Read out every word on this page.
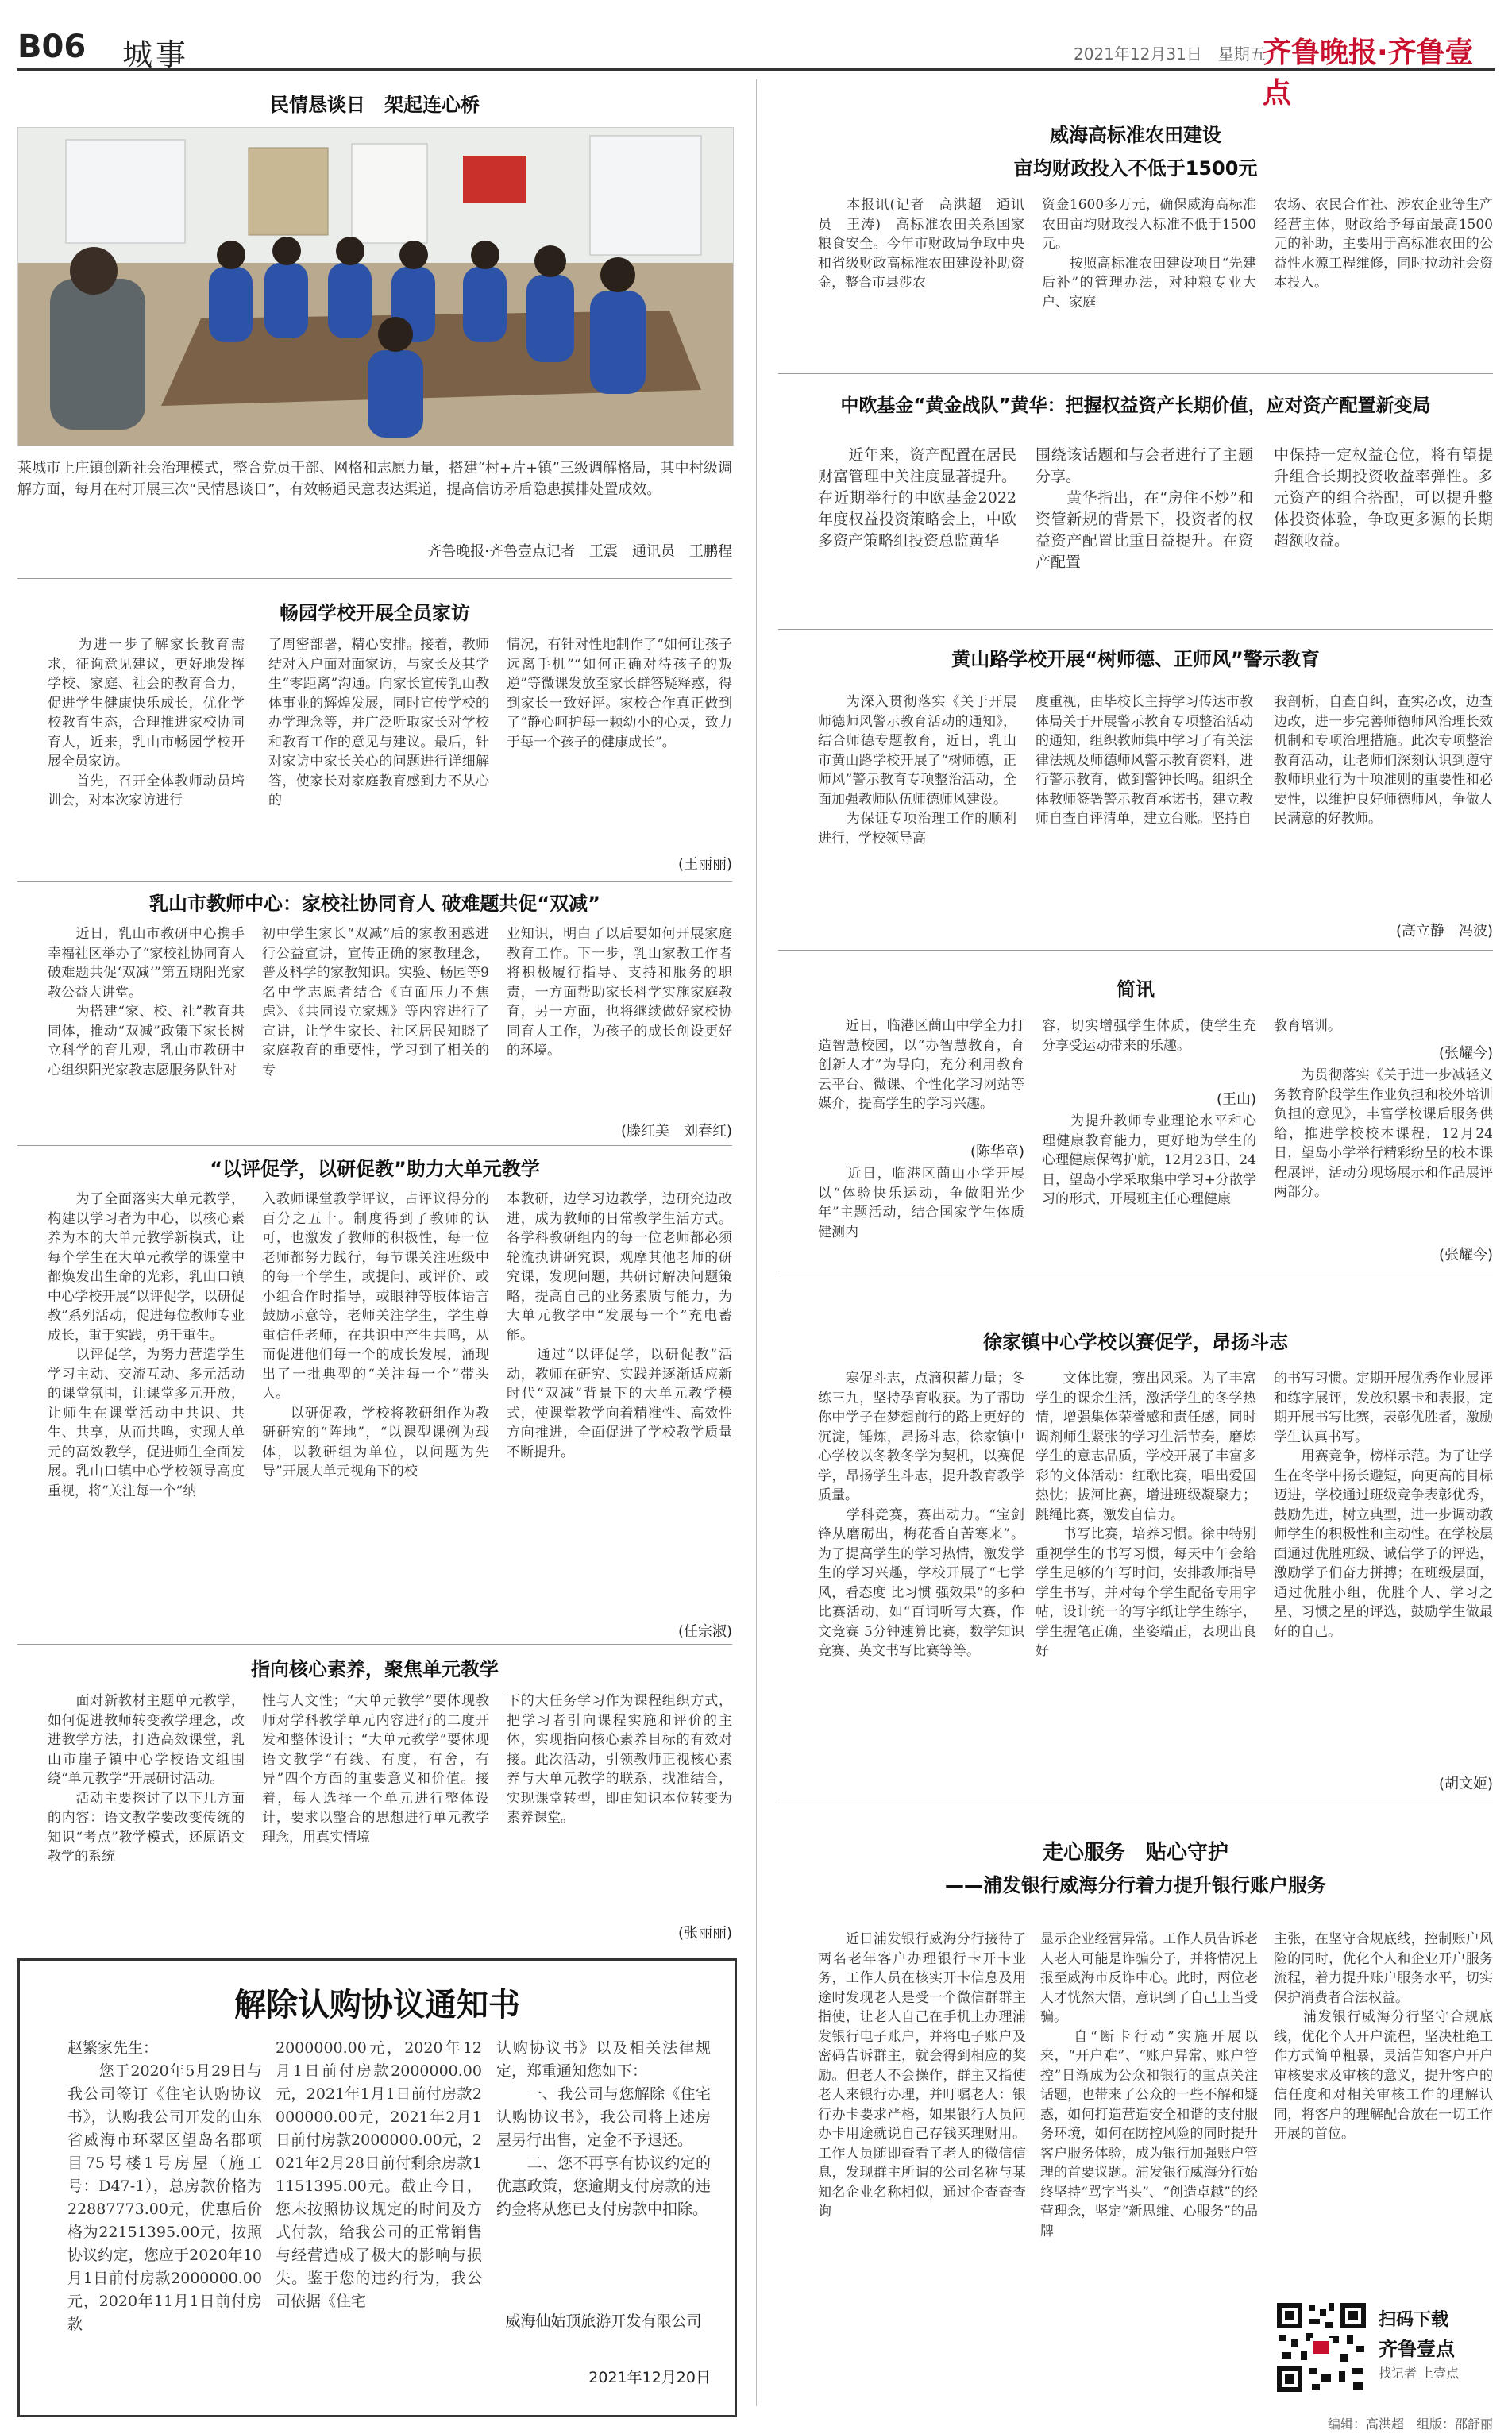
B06 城事	2021年12月31日　星期五
齐鲁晚报·齐鲁壹点
民情恳谈日　架起连心桥
莱城市上庄镇创新社会治理模式，整合党员干部、网格和志愿力量，搭建“村+片+镇”三级调解格局，其中村级调解方面，每月在村开展三次“民情恳谈日”，有效畅通民意表达渠道，提高信访矛盾隐患摸排处置成效。
齐鲁晚报·齐鲁壹点记者　王震　通讯员　王鹏程
畅园学校开展全员家访
　　为进一步了解家长教育需求，征询意见建议，更好地发挥学校、家庭、社会的教育合力，促进学生健康快乐成长，优化学校教育生态，合理推进家校协同育人，近来，乳山市畅园学校开展全员家访。
　　首先，召开全体教师动员培训会，对本次家访进行
了周密部署，精心安排。接着，教师结对入户面对面家访，与家长及其学生“零距离”沟通。向家长宣传乳山教体事业的辉煌发展，同时宣传学校的办学理念等，并广泛听取家长对学校和教育工作的意见与建议。最后，针对家访中家长关心的问题进行详细解答，使家长对家庭教育感到力不从心的
情况，有针对性地制作了“如何让孩子远离手机”“如何正确对待孩子的叛逆”等微课发放至家长群答疑释惑，得到家长一致好评。家校合作真正做到了“静心呵护每一颗幼小的心灵，致力于每一个孩子的健康成长”。
(王丽丽)
乳山市教师中心：家校社协同育人 破难题共促“双减”
　　近日，乳山市教研中心携手幸福社区举办了“家校社协同育人 破难题共促‘双减’”第五期阳光家教公益大讲堂。
　　为搭建“家、校、社”教育共同体，推动“双减”政策下家长树立科学的育儿观，乳山市教研中心组织阳光家教志愿服务队针对
初中学生家长“双减”后的家教困惑进行公益宣讲，宣传正确的家教理念，普及科学的家教知识。实验、畅园等9名中学志愿者结合《直面压力不焦虑》、《共同设立家规》等内容进行了宣讲，让学生家长、社区居民知晓了家庭教育的重要性，学习到了相关的专
业知识，明白了以后要如何开展家庭教育工作。下一步，乳山家教工作者将积极履行指导、支持和服务的职责，一方面帮助家长科学实施家庭教育，另一方面，也将继续做好家校协同育人工作，为孩子的成长创设更好的环境。
(滕红美　刘春红)
“以评促学，以研促教”助力大单元教学
　　为了全面落实大单元教学，构建以学习者为中心，以核心素养为本的大单元教学新模式，让每个学生在大单元教学的课堂中都焕发出生命的光彩，乳山口镇中心学校开展“以评促学，以研促教”系列活动，促进每位教师专业成长，重于实践，勇于重生。
　　以评促学，为努力营造学生学习主动、交流互动、多元活动的课堂氛围，让课堂多元开放，让师生在课堂活动中共识、共生、共享，从而共鸣，实现大单元的高效教学，促进师生全面发展。乳山口镇中心学校领导高度重视，将“关注每一个”纳
入教师课堂教学评议，占评议得分的百分之五十。制度得到了教师的认可，也激发了教师的积极性，每一位老师都努力践行，每节课关注班级中的每一个学生，或提问、或评价、或小组合作时指导，或眼神等肢体语言鼓励示意等，老师关注学生，学生尊重信任老师，在共识中产生共鸣，从而促进他们每一个的成长发展，涌现出了一批典型的“关注每一个”带头人。
　　以研促教，学校将教研组作为教研研究的“阵地”，“以课型课例为载体，以教研组为单位，以问题为先导”开展大单元视角下的校
本教研，边学习边教学，边研究边改进，成为教师的日常教学生活方式。各学科教研组内的每一位老师都必须轮流执讲研究课，观摩其他老师的研究课，发现问题，共研讨解决问题策略，提高自己的业务素质与能力，为大单元教学中“发展每一个”充电蓄能。
　　通过“以评促学，以研促教”活动，教师在研究、实践并逐渐适应新时代“双减”背景下的大单元教学模式，使课堂教学向着精准性、高效性方向推进，全面促进了学校教学质量不断提升。
(任宗淑)
指向核心素养，聚焦单元教学
　　面对新教材主题单元教学，如何促进教师转变教学理念，改进教学方法，打造高效课堂，乳山市崖子镇中心学校语文组围绕“单元教学”开展研讨活动。
　　活动主要探讨了以下几方面的内容：语文教学要改变传统的知识“考点”教学模式，还原语文教学的系统
性与人文性；“大单元教学”要体现教师对学科教学单元内容进行的二度开发和整体设计；“大单元教学”要体现语文教学“有线、有度，有舍，有异”四个方面的重要意义和价值。接着，每人选择一个单元进行整体设计，要求以整合的思想进行单元教学理念，用真实情境
下的大任务学习作为课程组织方式，把学习者引向课程实施和评价的主体，实现指向核心素养目标的有效对接。此次活动，引领教师正视核心素养与大单元教学的联系，找准结合，实现课堂转型，即由知识本位转变为素养课堂。
(张丽丽)
解除认购协议通知书
赵繁家先生：
　　您于2020年5月29日与我公司签订《住宅认购协议书》，认购我公司开发的山东省威海市环翠区望岛名郡项目75号楼1号房屋（施工号：D47-1），总房款价格为22887773.00元，优惠后价格为22151395.00元，按照协议约定，您应于2020年10月1日前付房款2000000.00元，2020年11月1日前付房款
2000000.00元，2020年12月1日前付房款2000000.00元，2021年1月1日前付房款2000000.00元，2021年2月1日前付房款2000000.00元，2021年2月28日前付剩余房款11151395.00元。截止今日，您未按照协议规定的时间及方式付款，给我公司的正常销售与经营造成了极大的影响与损失。鉴于您的违约行为，我公司依据《住宅
认购协议书》以及相关法律规定，郑重通知您如下：
　　一、我公司与您解除《住宅认购协议书》，我公司将上述房屋另行出售，定金不予退还。
　　二、您不再享有协议约定的优惠政策，您逾期支付房款的违约金将从您已支付房款中扣除。
威海仙姑顶旅游开发有限公司
2021年12月20日
威海高标准农田建设
亩均财政投入不低于1500元
　　本报讯(记者　高洪超　通讯员　王涛)　高标准农田关系国家粮食安全。今年市财政局争取中央和省级财政高标准农田建设补助资金，整合市县涉农
资金1600多万元，确保威海高标准农田亩均财政投入标准不低于1500元。
　　按照高标准农田建设项目“先建后补”的管理办法，对种粮专业大户、家庭
农场、农民合作社、涉农企业等生产经营主体，财政给予每亩最高1500元的补助，主要用于高标准农田的公益性水源工程维修，同时拉动社会资本投入。
中欧基金“黄金战队”黄华：把握权益资产长期价值，应对资产配置新变局
　　近年来，资产配置在居民财富管理中关注度显著提升。在近期举行的中欧基金2022年度权益投资策略会上，中欧多资产策略组投资总监黄华
围绕该话题和与会者进行了主题分享。
　　黄华指出，在“房住不炒”和资管新规的背景下，投资者的权益资产配置比重日益提升。在资产配置
中保持一定权益仓位，将有望提升组合长期投资收益率弹性。多元资产的组合搭配，可以提升整体投资体验，争取更多源的长期超额收益。
黄山路学校开展“树师德、正师风”警示教育
　　为深入贯彻落实《关于开展师德师风警示教育活动的通知》，结合师德专题教育，近日，乳山市黄山路学校开展了“树师德，正师风”警示教育专项整治活动，全面加强教师队伍师德师风建设。
　　为保证专项治理工作的顺利进行，学校领导高
度重视，由毕校长主持学习传达市教体局关于开展警示教育专项整治活动的通知，组织教师集中学习了有关法律法规及师德师风警示教育资料，进行警示教育，做到警钟长鸣。组织全体教师签署警示教育承诺书，建立教师自查自评清单，建立台账。坚持自
我剖析，自查自纠，查实必改，边查边改，进一步完善师德师风治理长效机制和专项治理措施。此次专项整治教育活动，让老师们深刻认识到遵守教师职业行为十项准则的重要性和必要性，以维护良好师德师风，争做人民满意的好教师。
(高立静　冯波)
简讯
　　近日，临港区蔄山中学全力打造智慧校园，以“办智慧教育，育创新人才”为导向，充分利用教育云平台、微课、个性化学习网站等媒介，提高学生的学习兴趣。
(陈华章)
　　近日，临港区蔄山小学开展以“体验快乐运动，争做阳光少年”主题活动，结合国家学生体质健测内
容，切实增强学生体质，使学生充分享受运动带来的乐趣。
(王山)
　　为提升教师专业理论水平和心理健康教育能力，更好地为学生的心理健康保驾护航，12月23日、24日，望岛小学采取集中学习+分散学习的形式，开展班主任心理健康
教育培训。
(张耀今)
　　为贯彻落实《关于进一步减轻义务教育阶段学生作业负担和校外培训负担的意见》，丰富学校课后服务供给，推进学校校本课程，12月24日，望岛小学举行精彩纷呈的校本课程展评，活动分现场展示和作品展评两部分。
(张耀今)
徐家镇中心学校以赛促学，昂扬斗志
　　寒促斗志，点滴积蓄力量；冬练三九，坚持孕育收获。为了帮助你中学子在梦想前行的路上更好的沉淀，锤炼，昂扬斗志，徐家镇中心学校以冬教冬学为契机，以赛促学，昂扬学生斗志，提升教育教学质量。
　　学科竞赛，赛出动力。“宝剑锋从磨砺出，梅花香自苦寒来”。为了提高学生的学习热情，激发学生的学习兴趣，学校开展了“七学风，看态度 比习惯 强效果”的多种比赛活动，如“百词听写大赛，作文竞赛 5分钟速算比赛，数学知识竞赛、英文书写比赛等等。
　　文体比赛，赛出风采。为了丰富学生的课余生活，激活学生的冬学热情，增强集体荣誉感和责任感，同时调剂师生紧张的学习生活节奏，磨炼学生的意志品质，学校开展了丰富多彩的文体活动：红歌比赛，唱出爱国热忱；拔河比赛，增进班级凝聚力；跳绳比赛，激发自信力。
　　书写比赛，培养习惯。徐中特别重视学生的书写习惯，每天中午会给学生足够的午写时间，安排教师指导学生书写，并对每个学生配备专用字帖，设计统一的写字纸让学生练字，学生握笔正确，坐姿端正，表现出良好
的书写习惯。定期开展优秀作业展评和练字展评，发放积累卡和表报，定期开展书写比赛，表彰优胜者，激励学生认真书写。
　　用赛竞争，榜样示范。为了让学生在冬学中扬长避短，向更高的目标迈进，学校通过班级竞争表彰优秀，鼓励先进，树立典型，进一步调动教师学生的积极性和主动性。在学校层面通过优胜班级、诚信学子的评选，激励学子们奋力拼搏；在班级层面，通过优胜小组，优胜个人、学习之星、习惯之星的评选，鼓励学生做最好的自己。
(胡文姬)
走心服务　贴心守护
——浦发银行威海分行着力提升银行账户服务
　　近日浦发银行威海分行接待了两名老年客户办理银行卡开卡业务，工作人员在核实开卡信息及用途时发现老人是受一个微信群群主指使，让老人自己在手机上办理浦发银行电子账户，并将电子账户及密码告诉群主，就会得到相应的奖励。但老人不会操作，群主又指使老人来银行办理，并叮嘱老人：银行办卡要求严格，如果银行人员问办卡用途就说自己存钱买理财用。工作人员随即查看了老人的微信信息，发现群主所谓的公司名称与某知名企业名称相似，通过企查查查询
显示企业经营异常。工作人员告诉老人老人可能是诈骗分子，并将情况上报至威海市反诈中心。此时，两位老人才恍然大悟，意识到了自己上当受骗。
　　自“断卡行动”实施开展以来，“开户难”、“账户异常、账户管控”日渐成为公众和银行的重点关注话题，也带来了公众的一些不解和疑惑，如何打造营造安全和谐的支付服务环境，如何在防控风险的同时提升客户服务体验，成为银行加强账户管理的首要议题。浦发银行威海分行始终坚持“骂字当头”、“创造卓越”的经营理念，坚定“新思维、心服务”的品牌
主张，在坚守合规底线，控制账户风险的同时，优化个人和企业开户服务流程，着力提升账户服务水平，切实保护消费者合法权益。
　　浦发银行威海分行坚守合规底线，优化个人开户流程，坚决杜绝工作方式简单粗暴，灵活告知客户开户审核要求及审核的意义，提升客户的信任度和对相关审核工作的理解认同，将客户的理解配合放在一切工作开展的首位。
扫码下载
齐鲁壹点
找记者 上壹点
编辑：高洪超　组版：邵舒丽
